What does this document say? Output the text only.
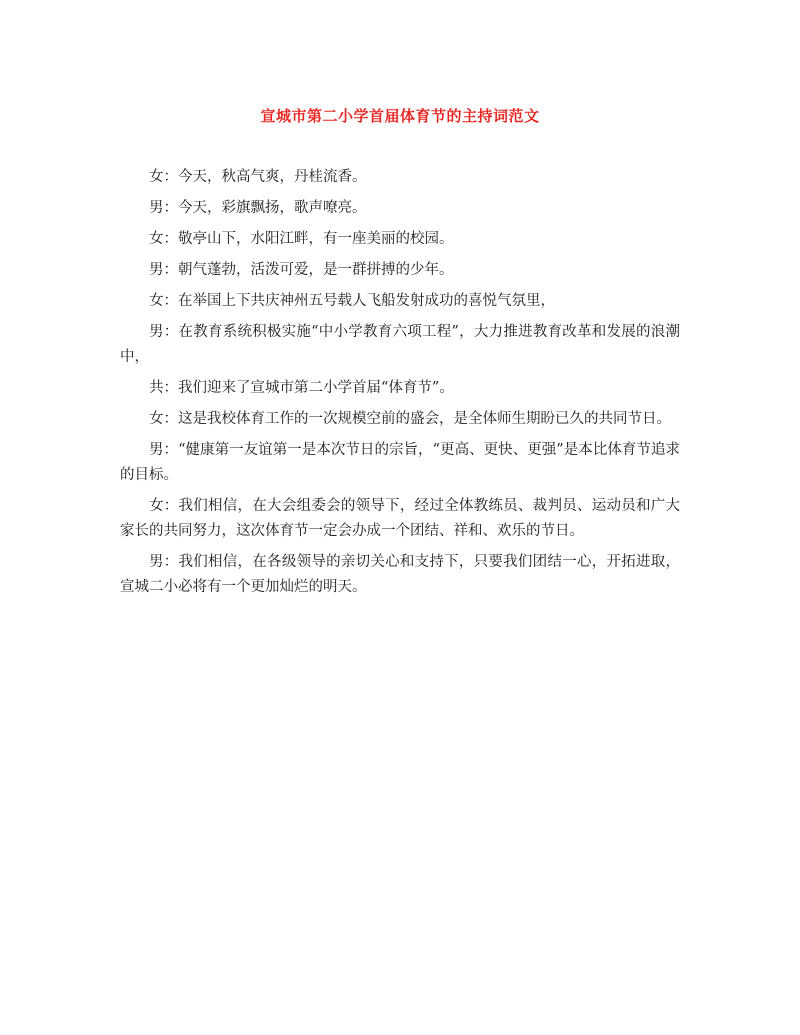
宣城市第二小学首届体育节的主持词范文

女：今天，秋高气爽，丹桂流香。

男：今天，彩旗飘扬，歌声嘹亮。

女：敬亭山下，水阳江畔，有一座美丽的校园。

男：朝气蓬勃，活泼可爱，是一群拼搏的少年。

女：在举国上下共庆神州五号载人飞船发射成功的喜悦气氛里，

男：在教育系统积极实施“中小学教育六项工程”，大力推进教育改革和发展的浪潮中，

共：我们迎来了宣城市第二小学首届“体育节”。

女：这是我校体育工作的一次规模空前的盛会，是全体师生期盼已久的共同节日。

男：“健康第一友谊第一是本次节日的宗旨，“更高、更快、更强”是本比体育节追求的目标。

女：我们相信，在大会组委会的领导下，经过全体教练员、裁判员、运动员和广大家长的共同努力，这次体育节一定会办成一个团结、祥和、欢乐的节日。

男：我们相信，在各级领导的亲切关心和支持下，只要我们团结一心，开拓进取，宣城二小必将有一个更加灿烂的明天。
